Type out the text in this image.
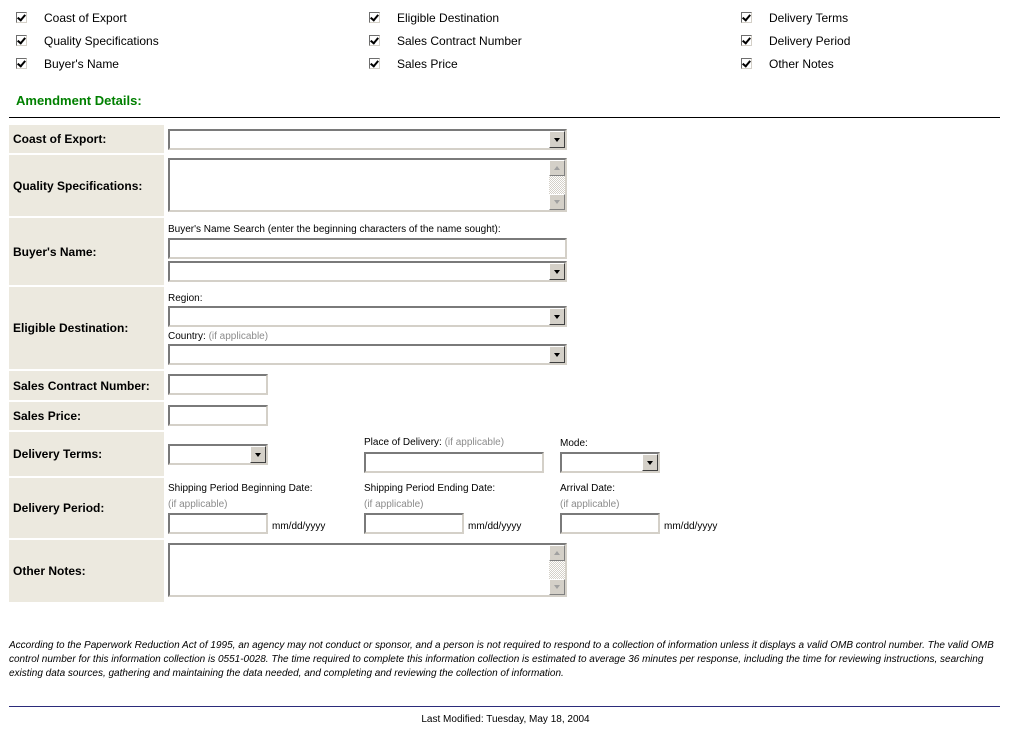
Coast of Export
Quality Specifications
Buyer's Name
Eligible Destination
Sales Contract Number
Sales Price
Delivery Terms
Delivery Period
Other Notes
Amendment Details:
Coast of Export:
Quality Specifications:
Buyer's Name:
Buyer's Name Search (enter the beginning characters of the name sought):
Eligible Destination:
Region:
Country: (if applicable)
Sales Contract Number:
Sales Price:
Delivery Terms:
Place of Delivery: (if applicable)	Mode:
Delivery Period:
Shipping Period Beginning Date:
(if applicable)
mm/dd/yyyy
Shipping Period Ending Date:
(if applicable)
mm/dd/yyyy
Arrival Date:
(if applicable)
mm/dd/yyyy
Other Notes:
According to the Paperwork Reduction Act of 1995, an agency may not conduct or sponsor, and a person is not required to respond to a collection of information unless it displays a valid OMB control number. The valid OMB control number for this information collection is 0551-0028. The time required to complete this information collection is estimated to average 36 minutes per response, including the time for reviewing instructions, searching existing data sources, gathering and maintaining the data needed, and completing and reviewing the collection of information.
Last Modified: Tuesday, May 18, 2004
